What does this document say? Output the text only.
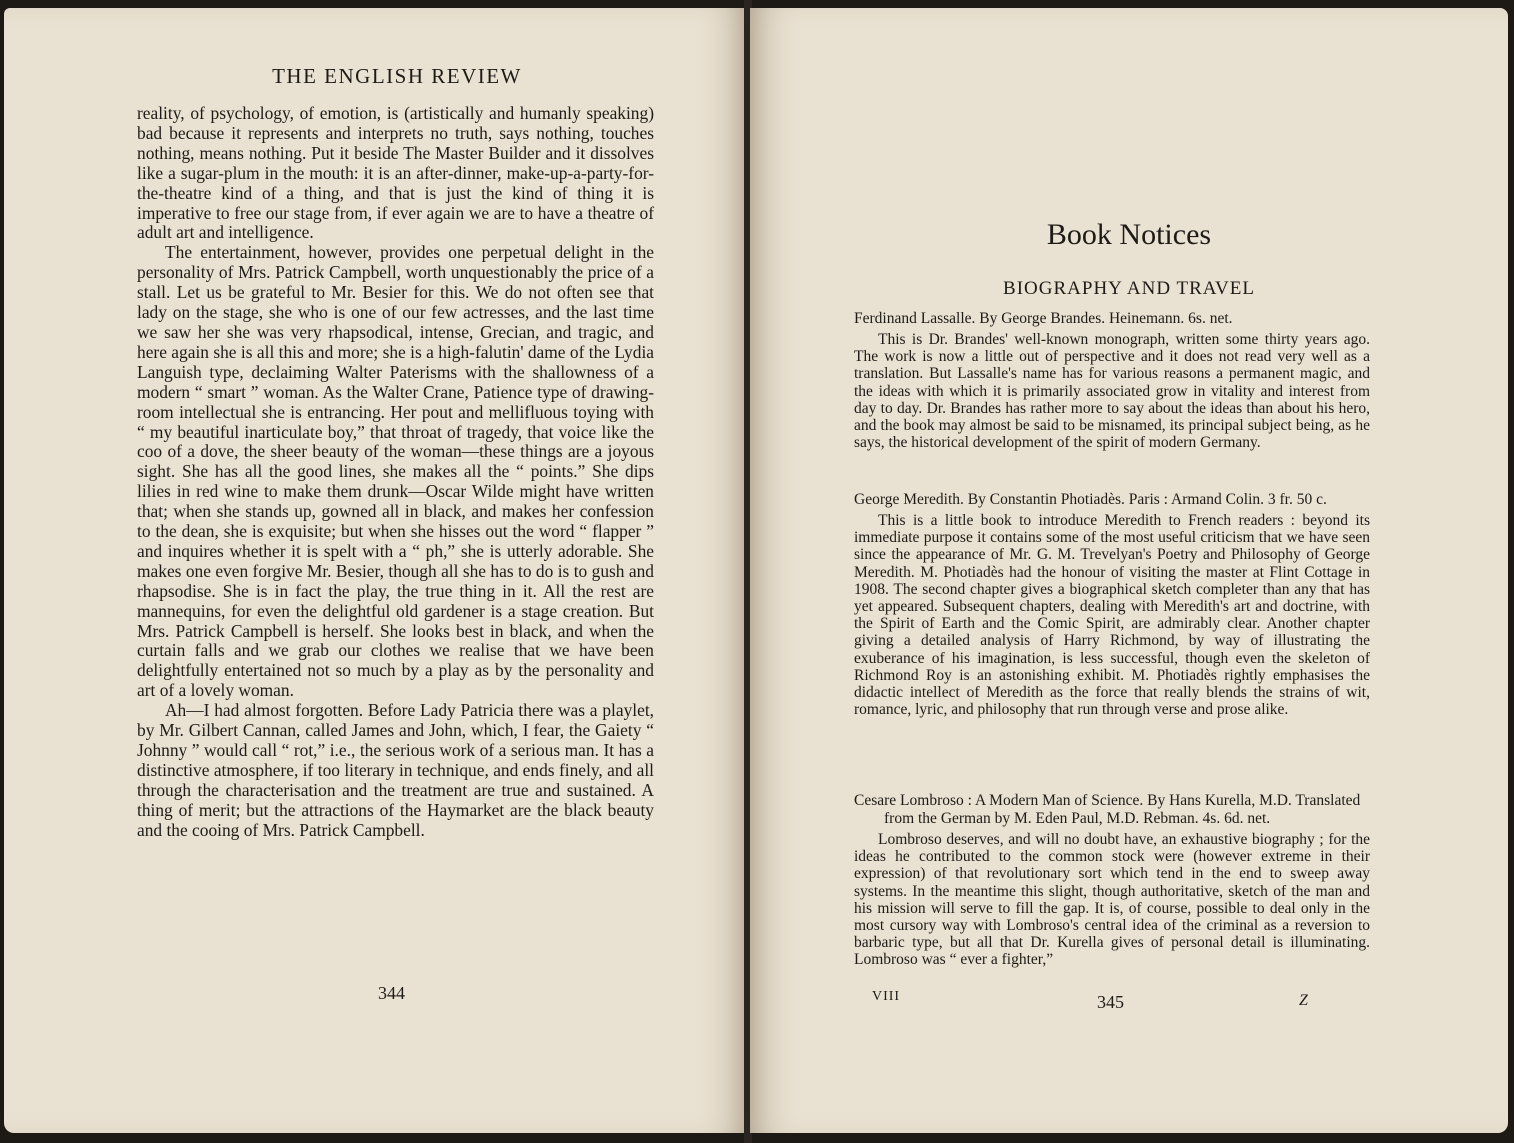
THE ENGLISH REVIEW

reality, of psychology, of emotion, is (artistically and humanly speaking) bad because it represents and interprets no truth, says nothing, touches nothing, means nothing. Put it beside The Master Builder and it dissolves like a sugar-plum in the mouth: it is an after-dinner, make-up-a-party-for-the-theatre kind of a thing, and that is just the kind of thing it is imperative to free our stage from, if ever again we are to have a theatre of adult art and intelligence.

The entertainment, however, provides one perpetual delight in the personality of Mrs. Patrick Campbell, worth unquestionably the price of a stall. Let us be grateful to Mr. Besier for this. We do not often see that lady on the stage, she who is one of our few actresses, and the last time we saw her she was very rhapsodical, intense, Grecian, and tragic, and here again she is all this and more; she is a high-falutin' dame of the Lydia Languish type, declaiming Walter Paterisms with the shallowness of a modern “ smart ” woman. As the Walter Crane, Patience type of drawing-room intellectual she is entrancing. Her pout and mellifluous toying with “ my beautiful inarticulate boy,” that throat of tragedy, that voice like the coo of a dove, the sheer beauty of the woman—these things are a joyous sight. She has all the good lines, she makes all the “ points.” She dips lilies in red wine to make them drunk—Oscar Wilde might have written that; when she stands up, gowned all in black, and makes her confession to the dean, she is exquisite; but when she hisses out the word “ flapper ” and inquires whether it is spelt with a “ ph,” she is utterly adorable. She makes one even forgive Mr. Besier, though all she has to do is to gush and rhapsodise. She is in fact the play, the true thing in it. All the rest are mannequins, for even the delightful old gardener is a stage creation. But Mrs. Patrick Campbell is herself. She looks best in black, and when the curtain falls and we grab our clothes we realise that we have been delightfully entertained not so much by a play as by the personality and art of a lovely woman.

Ah—I had almost forgotten. Before Lady Patricia there was a playlet, by Mr. Gilbert Cannan, called James and John, which, I fear, the Gaiety “ Johnny ” would call “ rot,” i.e., the serious work of a serious man. It has a distinctive atmosphere, if too literary in technique, and ends finely, and all through the characterisation and the treatment are true and sustained. A thing of merit; but the attractions of the Haymarket are the black beauty and the cooing of Mrs. Patrick Campbell.

344
Book Notices
BIOGRAPHY AND TRAVEL
Ferdinand Lassalle. By George Brandes. Heinemann. 6s. net.

This is Dr. Brandes' well-known monograph, written some thirty years ago. The work is now a little out of perspective and it does not read very well as a translation. But Lassalle's name has for various reasons a permanent magic, and the ideas with which it is primarily associated grow in vitality and interest from day to day. Dr. Brandes has rather more to say about the ideas than about his hero, and the book may almost be said to be misnamed, its principal subject being, as he says, the historical development of the spirit of modern Germany.

George Meredith. By Constantin Photiadès. Paris : Armand Colin. 3 fr. 50 c.

This is a little book to introduce Meredith to French readers : beyond its immediate purpose it contains some of the most useful criticism that we have seen since the appearance of Mr. G. M. Trevelyan's Poetry and Philosophy of George Meredith. M. Photiadès had the honour of visiting the master at Flint Cottage in 1908. The second chapter gives a biographical sketch completer than any that has yet appeared. Subsequent chapters, dealing with Meredith's art and doctrine, with the Spirit of Earth and the Comic Spirit, are admirably clear. Another chapter giving a detailed analysis of Harry Richmond, by way of illustrating the exuberance of his imagination, is less successful, though even the skeleton of Richmond Roy is an astonishing exhibit. M. Photiadès rightly emphasises the didactic intellect of Meredith as the force that really blends the strains of wit, romance, lyric, and philosophy that run through verse and prose alike.

Cesare Lombroso : A Modern Man of Science. By Hans Kurella, M.D. Translated from the German by M. Eden Paul, M.D. Rebman. 4s. 6d. net.

Lombroso deserves, and will no doubt have, an exhaustive biography ; for the ideas he contributed to the common stock were (however extreme in their expression) of that revolutionary sort which tend in the end to sweep away systems. In the meantime this slight, though authoritative, sketch of the man and his mission will serve to fill the gap. It is, of course, possible to deal only in the most cursory way with Lombroso's central idea of the criminal as a reversion to barbaric type, but all that Dr. Kurella gives of personal detail is illuminating. Lombroso was “ ever a fighter,”

VIII	345	Z
